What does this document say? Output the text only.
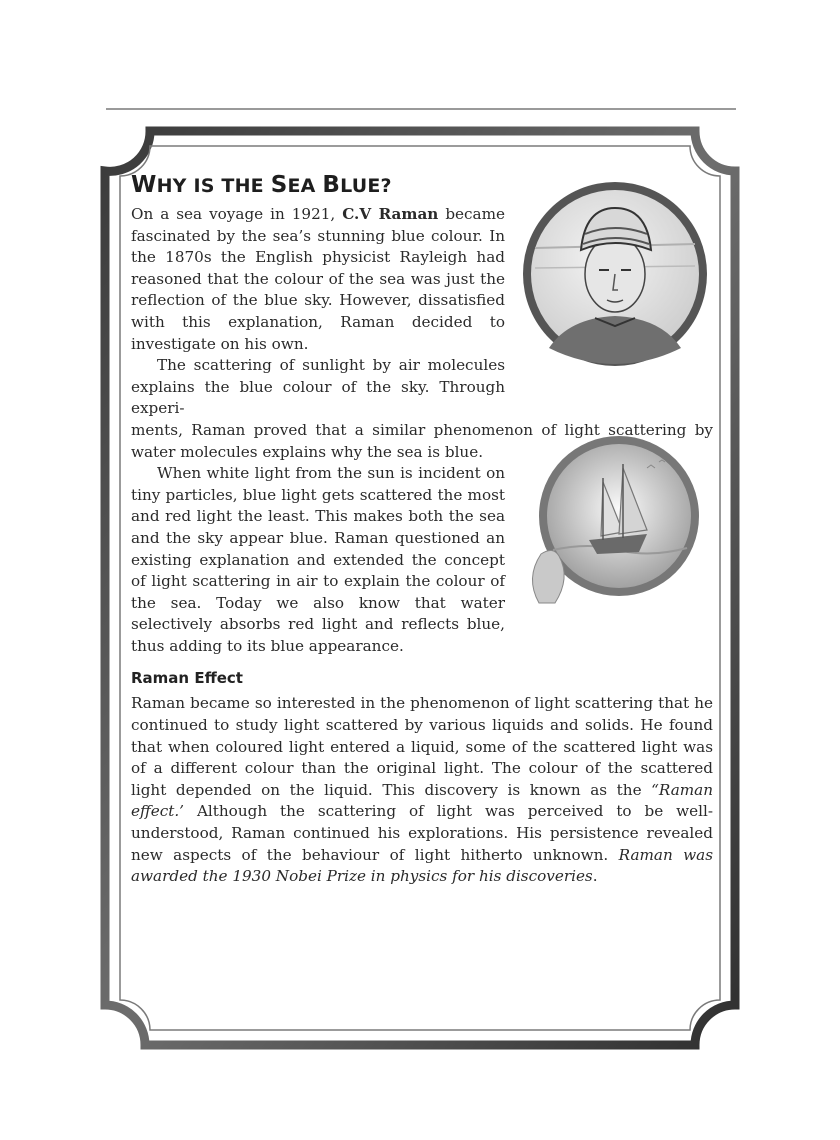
WHY IS THE SEA BLUE?

On a sea voyage in 1921, C.V Raman became fascinated by the sea’s stunning blue colour. In the 1870s the English physicist Rayleigh had reasoned that the colour of the sea was just the reflection of the blue sky. However, dissatisfied with this explanation, Raman decided to investigate on his own.

The scattering of sunlight by air molecules explains the blue colour of the sky. Through experi-

ments, Raman proved that a similar phenomenon of light scattering by water molecules explains why the sea is blue.

When white light from the sun is incident on tiny particles, blue light gets scattered the most and red light the least. This makes both the sea and the sky appear blue. Raman questioned an existing explanation and extended the concept of light scattering in air to explain the colour of the sea. Today we also know that water selectively absorbs red light and reflects blue, thus adding to its blue appearance.

Raman Effect

Raman became so interested in the phenomenon of light scattering that he continued to study light scattered by various liquids and solids. He found that when coloured light entered a liquid, some of the scattered light was of a different colour than the original light. The colour of the scattered light depended on the liquid. This discovery is known as the “Raman effect.’ Although the scattering of light was perceived to be well-understood, Raman continued his explorations. His persistence revealed new aspects of the behaviour of light hitherto unknown. Raman was awarded the 1930 Nobei Prize in physics for his discoveries.
